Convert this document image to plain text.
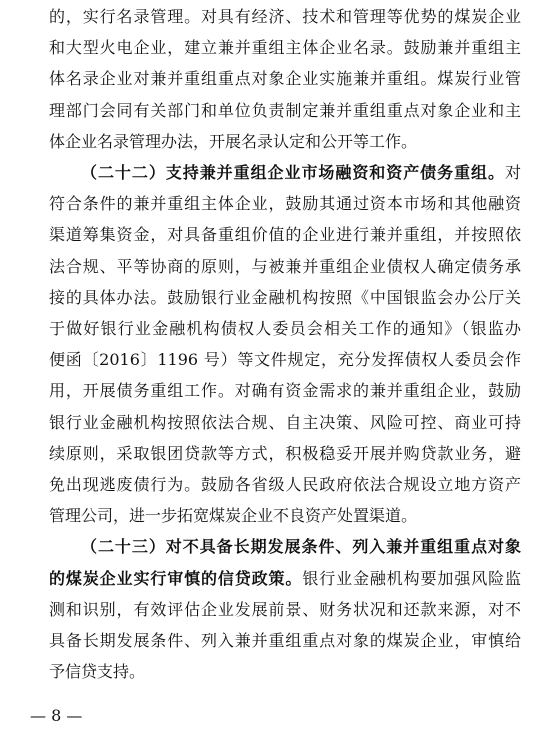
的，实行名录管理。对具有经济、技术和管理等优势的煤炭企业
和大型火电企业，建立兼并重组主体企业名录。鼓励兼并重组主
体名录企业对兼并重组重点对象企业实施兼并重组。煤炭行业管
理部门会同有关部门和单位负责制定兼并重组重点对象企业和主
体企业名录管理办法，开展名录认定和公开等工作。
（二十二）支持兼并重组企业市场融资和资产债务重组。对
符合条件的兼并重组主体企业，鼓励其通过资本市场和其他融资
渠道筹集资金，对具备重组价值的企业进行兼并重组，并按照依
法合规、平等协商的原则，与被兼并重组企业债权人确定债务承
接的具体办法。鼓励银行业金融机构按照《中国银监会办公厅关
于做好银行业金融机构债权人委员会相关工作的通知》（银监办
便函〔2016〕1196 号）等文件规定，充分发挥债权人委员会作
用，开展债务重组工作。对确有资金需求的兼并重组企业，鼓励
银行业金融机构按照依法合规、自主决策、风险可控、商业可持
续原则，采取银团贷款等方式，积极稳妥开展并购贷款业务，避
免出现逃废债行为。鼓励各省级人民政府依法合规设立地方资产
管理公司，进一步拓宽煤炭企业不良资产处置渠道。
— 8 —
（二十三）对不具备长期发展条件、列入兼并重组重点对象
的煤炭企业实行审慎的信贷政策。银行业金融机构要加强风险监
测和识别，有效评估企业发展前景、财务状况和还款来源，对不
具备长期发展条件、列入兼并重组重点对象的煤炭企业，审慎给
予信贷支持。
